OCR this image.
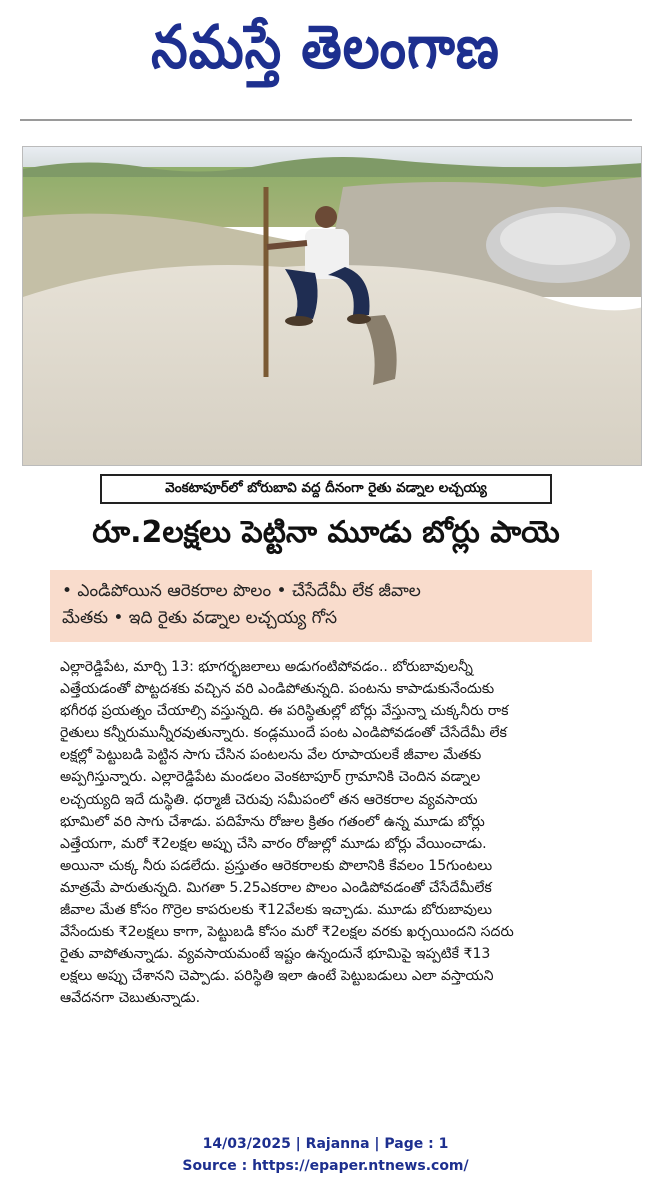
నమస్తే తెలంగాణ
వెంకటాపూర్‌లో బోరుబావి వద్ద దీనంగా రైతు వడ్నాల లచ్చయ్య
రూ.2లక్షలు పెట్టినా మూడు బోర్లు పాయె
• ఎండిపోయిన ఆరెకరాల పొలం • చేసేదేమీ లేక జీవాల
మేతకు • ఇది రైతు వడ్నాల లచ్చయ్య గోస
ఎల్లారెడ్డిపేట, మార్చి 13: భూగర్భజలాలు అడుగంటిపోవడం.. బోరుబావులన్నీ
ఎత్తేయడంతో పొట్టదశకు వచ్చిన వరి ఎండిపోతున్నది. పంటను కాపాడుకునేందుకు
భగీరథ ప్రయత్నం చేయాల్సి వస్తున్నది. ఈ పరిస్థితుల్లో బోర్లు వేస్తున్నా చుక్కనీరు రాక
రైతులు కన్నీరుమున్నీరవుతున్నారు. కండ్లముందే పంట ఎండిపోవడంతో చేసేదేమీ లేక
లక్షల్లో పెట్టుబడి పెట్టిన సాగు చేసిన పంటలను వేల రూపాయలకే జీవాల మేతకు
అప్పగిస్తున్నారు. ఎల్లారెడ్డిపేట మండలం వెంకటాపూర్ గ్రామానికి చెందిన వడ్నాల
లచ్చయ్యది ఇదే దుస్థితి. ధర్మాజీ చెరువు సమీపంలో తన ఆరెకరాల వ్యవసాయ
భూమిలో వరి సాగు చేశాడు. పదిహేను రోజుల క్రితం గతంలో ఉన్న మూడు బోర్లు
ఎత్తేయగా, మరో ₹2లక్షల అప్పు చేసి వారం రోజుల్లో మూడు బోర్లు వేయించాడు.
అయినా చుక్క నీరు పడలేదు. ప్రస్తుతం ఆరెకరాలకు పొలానికి కేవలం 15గుంటలు
మాత్రమే పారుతున్నది. మిగతా 5.25ఎకరాల పొలం ఎండిపోవడంతో చేసేదేమీలేక
జీవాల మేత కోసం గొర్రెల కాపరులకు ₹12వేలకు ఇచ్చాడు. మూడు బోరుబావులు
వేసేందుకు ₹2లక్షలు కాగా, పెట్టుబడి కోసం మరో ₹2లక్షల వరకు ఖర్చయిందని సదరు
రైతు వాపోతున్నాడు. వ్యవసాయమంటే ఇష్టం ఉన్నందునే భూమిపై ఇప్పటికే ₹13
లక్షలు అప్పు చేశానని చెప్పాడు. పరిస్థితి ఇలా ఉంటే పెట్టుబడులు ఎలా వస్తాయని
ఆవేదనగా చెబుతున్నాడు.
14/03/2025 | Rajanna | Page : 1
Source : https://epaper.ntnews.com/
